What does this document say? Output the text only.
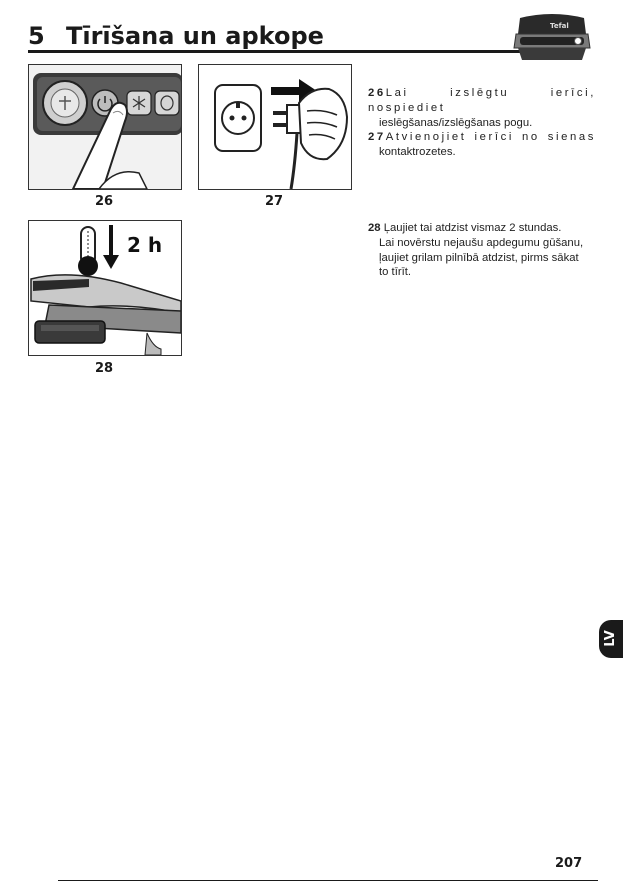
5 Tīrīšana un apkope	Tefal
2 h
26	27
28
26Lai izslēgtu ierīci, nospiediet
ieslēgšanas/izslēgšanas pogu.
27Atvienojiet ierīci no sienas
kontaktrozetes.
28 Ļaujiet tai atdzist vismaz 2 stundas.
Lai novērstu nejaušu apdegumu gūšanu,
ļaujiet grilam pilnībā atdzist, pirms sākat
to tīrīt.
LV
207
